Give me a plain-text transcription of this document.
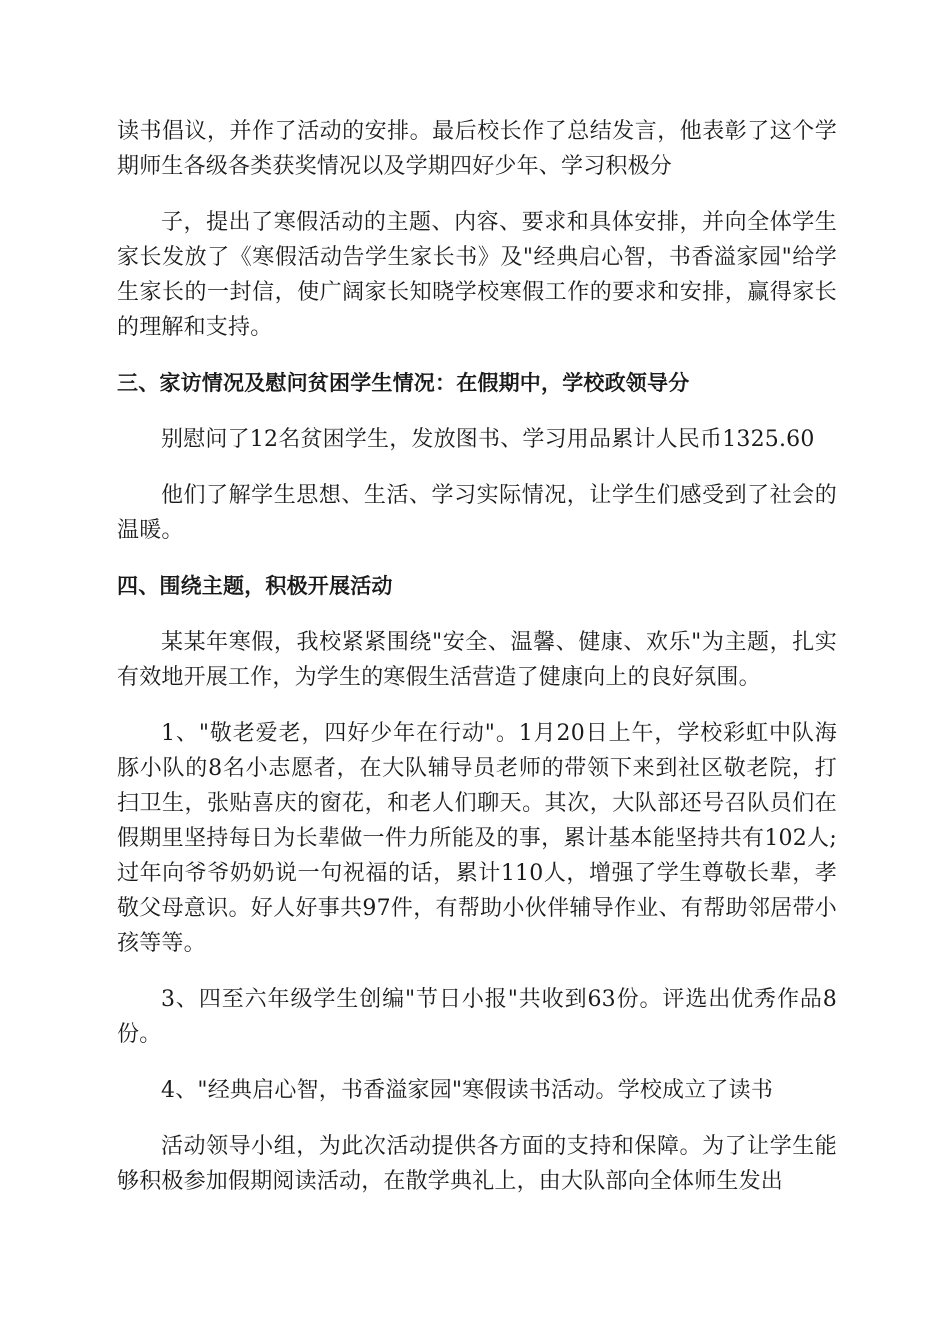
读书倡议，并作了活动的安排。最后校长作了总结发言，他表彰了这个学期师生各级各类获奖情况以及学期四好少年、学习积极分

子，提出了寒假活动的主题、内容、要求和具体安排，并向全体学生家长发放了《寒假活动告学生家长书》及"经典启心智，书香溢家园"给学生家长的一封信，使广阔家长知晓学校寒假工作的要求和安排，赢得家长的理解和支持。

三、家访情况及慰问贫困学生情况：在假期中，学校政领导分

别慰问了12名贫困学生，发放图书、学习用品累计人民币1325.60

他们了解学生思想、生活、学习实际情况，让学生们感受到了社会的温暖。

四、围绕主题，积极开展活动

某某年寒假，我校紧紧围绕"安全、温馨、健康、欢乐"为主题，扎实有效地开展工作，为学生的寒假生活营造了健康向上的良好氛围。

1、"敬老爱老，四好少年在行动"。1月20日上午，学校彩虹中队海豚小队的8名小志愿者，在大队辅导员老师的带领下来到社区敬老院，打扫卫生，张贴喜庆的窗花，和老人们聊天。其次，大队部还号召队员们在假期里坚持每日为长辈做一件力所能及的事，累计基本能坚持共有102人;过年向爷爷奶奶说一句祝福的话，累计110人，增强了学生尊敬长辈，孝敬父母意识。好人好事共97件，有帮助小伙伴辅导作业、有帮助邻居带小孩等等。

3、四至六年级学生创编"节日小报"共收到63份。评选出优秀作品8份。

4、"经典启心智，书香溢家园"寒假读书活动。学校成立了读书

活动领导小组，为此次活动提供各方面的支持和保障。为了让学生能够积极参加假期阅读活动，在散学典礼上，由大队部向全体师生发出
